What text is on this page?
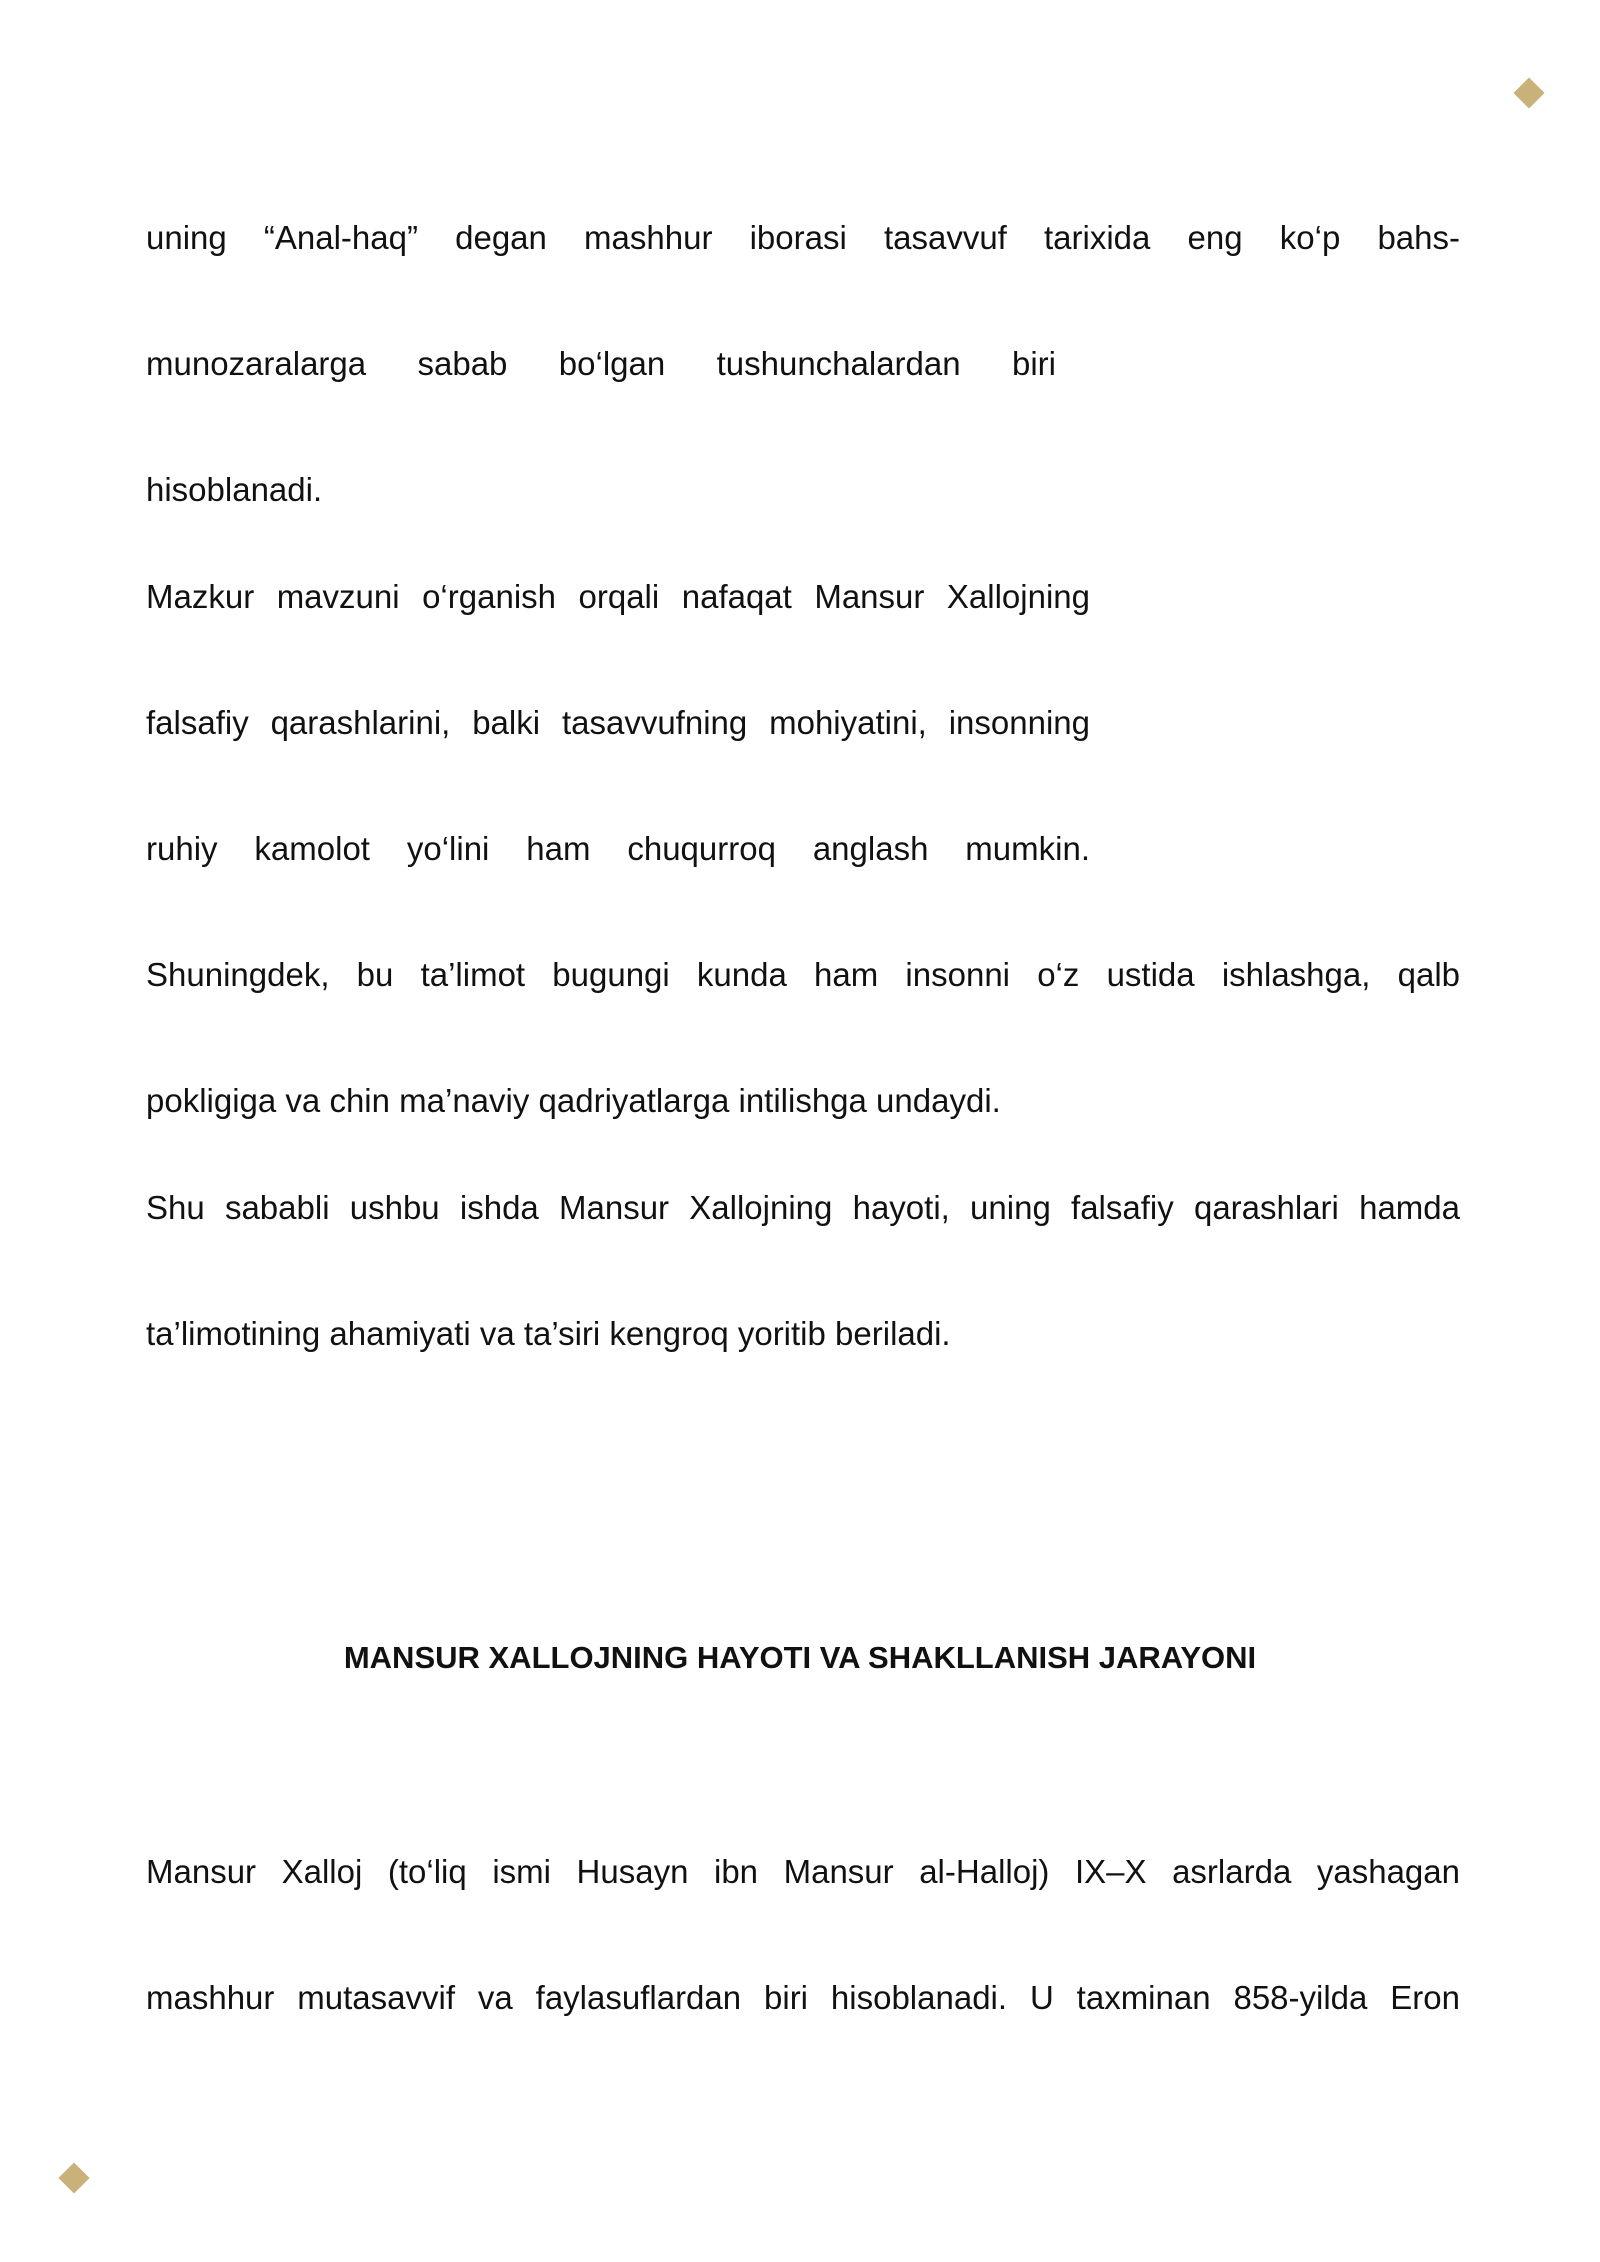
uning “Anal-haq” degan mashhur iborasi tasavvuf tarixida eng ko‘p bahs-

munozaralarga sabab bo‘lgan tushunchalardan biri

hisoblanadi.

Mazkur mavzuni o‘rganish orqali nafaqat Mansur Xallojning

falsafiy qarashlarini, balki tasavvufning mohiyatini, insonning

ruhiy kamolot yo‘lini ham chuqurroq anglash mumkin.

Shuningdek, bu ta’limot bugungi kunda ham insonni o‘z ustida ishlashga, qalb

pokligiga va chin ma’naviy qadriyatlarga intilishga undaydi.

Shu sababli ushbu ishda Mansur Xallojning hayoti, uning falsafiy qarashlari hamda

ta’limotining ahamiyati va ta’siri kengroq yoritib beriladi.

MANSUR XALLOJNING HAYOTI VA SHAKLLANISH JARAYONI

Mansur Xalloj (to‘liq ismi Husayn ibn Mansur al-Halloj) IX–X asrlarda yashagan

mashhur mutasavvif va faylasuflardan biri hisoblanadi. U taxminan 858-yilda Eron
